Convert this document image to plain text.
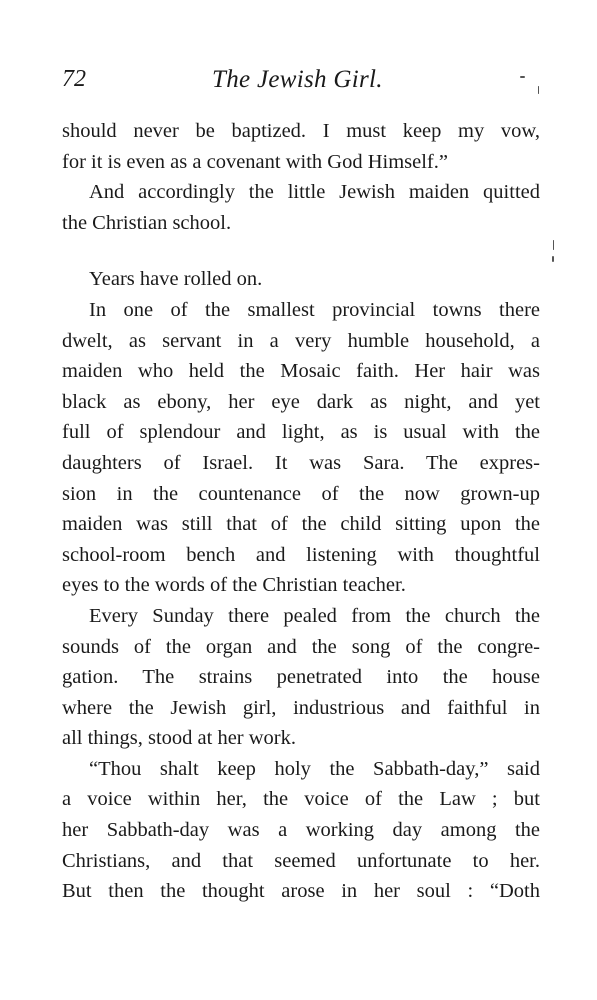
72	The Jewish Girl.

should never be baptized. I must keep my vow,
for it is even as a covenant with God Himself.”

And accordingly the little Jewish maiden quitted
the Christian school.

Years have rolled on.

In one of the smallest provincial towns there
dwelt, as servant in a very humble household, a
maiden who held the Mosaic faith. Her hair was
black as ebony, her eye dark as night, and yet
full of splendour and light, as is usual with the
daughters of Israel. It was Sara. The expres-
sion in the countenance of the now grown-up
maiden was still that of the child sitting upon the
school-room bench and listening with thoughtful
eyes to the words of the Christian teacher.

Every Sunday there pealed from the church the
sounds of the organ and the song of the congre-
gation. The strains penetrated into the house
where the Jewish girl, industrious and faithful in
all things, stood at her work.

“Thou shalt keep holy the Sabbath-day,” said
a voice within her, the voice of the Law ; but
her Sabbath-day was a working day among the
Christians, and that seemed unfortunate to her.
But then the thought arose in her soul : “Doth
